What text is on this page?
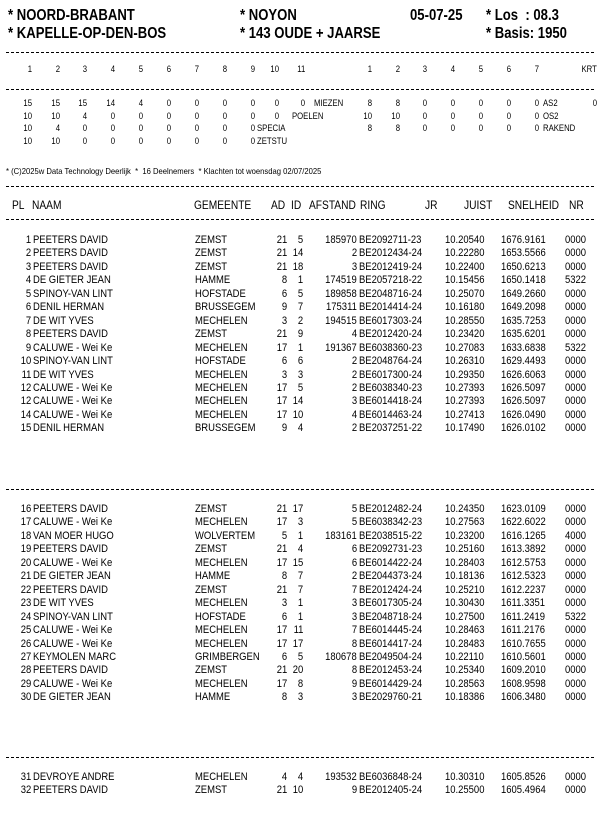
* NOORD-BRABANT
* KAPELLE-OP-DEN-BOS
* NOYON
* 143 OUDE + JAARSE
05-07-25 * Los  : 08.3
* Basis: 1950
1	2	3	4	5	6	7	8	9 10 11	1	2	3	4	5	6	7	KRT
15 15 15 14	4	0	0	0	0 0 0 MIEZEN	8	8	0	0	0	0	0 AS2	0
10 10	4	0	0	0	0	0	0 0 POELEN	10 10	0	0	0	0	0 OS2
10	4	0	0	0	0	0	0	0 SPECIA	8	8	0	0	0	0	0 RAKEND
10 10	0	0	0	0	0	0	0 ZETSTU
* (C)2025w Data Technology Deerlijk  *  16 Deelnemers  * Klachten tot woensdag 02/07/2025
PL NAAM	GEMEENTE AD ID AFSTAND RING	JR JUIST SNELHEID NR
1 PEETERS DAVID	ZEMST	21 5 185970 BE2092711-23 10.20540 1676.9161 0000
2 PEETERS DAVID	ZEMST	21 14	2 BE2012434-24 10.22280 1653.5566 0000
3 PEETERS DAVID	ZEMST	21 18	3 BE2012419-24 10.22400 1650.6213 0000
4 DE GIETER JEAN	HAMME	8 1 174519 BE2057218-22 10.15456 1650.1418 5322
5 SPINOY-VAN LINT	HOFSTADE	6 5 189858 BE2048716-24 10.25070 1649.2660 0000
6 DENIL HERMAN	BRUSSEGEM 9 7 175311 BE2014414-24 10.16180 1649.2098 0000
7 DE WIT YVES	MECHELEN	3 2 194515 BE6017303-24 10.28550 1635.7253 0000
8 PEETERS DAVID	ZEMST	21 9	4 BE2012420-24 10.23420 1635.6201 0000
9 CALUWE - Wei Ke	MECHELEN	17 1 191367 BE6038360-23 10.27083 1633.6838 5322
10 SPINOY-VAN LINT	HOFSTADE	6 6	2 BE2048764-24 10.26310 1629.4493 0000
11 DE WIT YVES	MECHELEN	3 3	2 BE6017300-24 10.29350 1626.6063 0000
12 CALUWE - Wei Ke	MECHELEN	17 5	2 BE6038340-23 10.27393 1626.5097 0000
12 CALUWE - Wei Ke	MECHELEN	17 14	3 BE6014418-24 10.27393 1626.5097 0000
14 CALUWE - Wei Ke	MECHELEN	17 10	4 BE6014463-24 10.27413 1626.0490 0000
15 DENIL HERMAN	BRUSSEGEM 9 4	2 BE2037251-22 10.17490 1626.0102 0000
16 PEETERS DAVID	ZEMST	21 17	5 BE2012482-24 10.24350 1623.0109 0000
17 CALUWE - Wei Ke	MECHELEN	17 3	5 BE6038342-23 10.27563 1622.6022 0000
18 VAN MOER HUGO	WOLVERTEM 5 1 183161 BE2038515-22 10.23200 1616.1265 4000
19 PEETERS DAVID	ZEMST	21 4	6 BE2092731-23 10.25160 1613.3892 0000
20 CALUWE - Wei Ke	MECHELEN	17 15	6 BE6014422-24 10.28403 1612.5753 0000
21 DE GIETER JEAN	HAMME	8 7	2 BE2044373-24 10.18136 1612.5323 0000
22 PEETERS DAVID	ZEMST	21 7	7 BE2012424-24 10.25210 1612.2237 0000
23 DE WIT YVES	MECHELEN	3 1	3 BE6017305-24 10.30430 1611.3351 0000
24 SPINOY-VAN LINT	HOFSTADE	6 1	3 BE2048718-24 10.27500 1611.2419 5322
25 CALUWE - Wei Ke	MECHELEN	17 11	7 BE6014445-24 10.28463 1611.2176 0000
26 CALUWE - Wei Ke	MECHELEN	17 17	8 BE6014417-24 10.28483 1610.7655 0000
27 KEYMOLEN MARC	GRIMBERGEN 6 5 180678 BE2049504-24 10.22110 1610.5601 0000
28 PEETERS DAVID	ZEMST	21 20	8 BE2012453-24 10.25340 1609.2010 0000
29 CALUWE - Wei Ke	MECHELEN	17 8	9 BE6014429-24 10.28563 1608.9598 0000
30 DE GIETER JEAN	HAMME	8 3	3 BE2029760-21 10.18386 1606.3480 0000
31 DEVROYE ANDRE	MECHELEN	4 4 193532 BE6036848-24 10.30310 1605.8526 0000
32 PEETERS DAVID	ZEMST	21 10	9 BE2012405-24 10.25500 1605.4964 0000
